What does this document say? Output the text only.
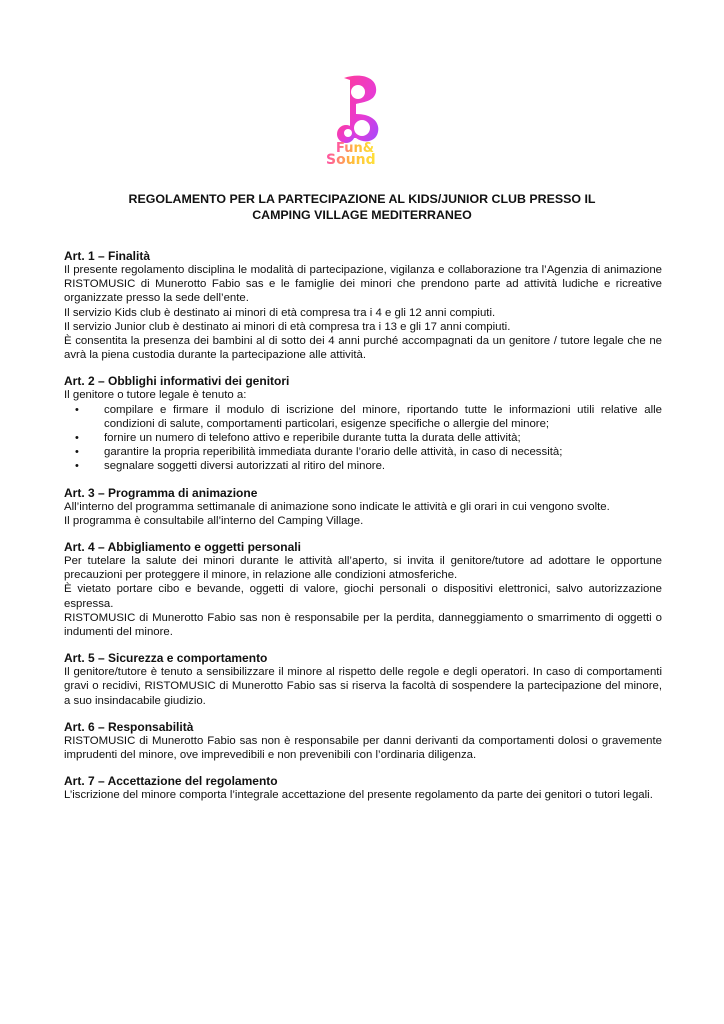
Fun&
Sound
REGOLAMENTO PER LA PARTECIPAZIONE AL KIDS/JUNIOR CLUB PRESSO IL
CAMPING VILLAGE MEDITERRANEO
Art. 1 – Finalità

Il presente regolamento disciplina le modalità di partecipazione, vigilanza e collaborazione tra l’Agenzia di animazione RISTOMUSIC di Munerotto Fabio sas e le famiglie dei minori che prendono parte ad attività ludiche e ricreative organizzate presso la sede dell’ente.

Il servizio Kids club è destinato ai minori di età compresa tra i 4 e gli 12 anni compiuti.

Il servizio Junior club è destinato ai minori di età compresa tra i 13 e gli 17 anni compiuti.

È consentita la presenza dei bambini al di sotto dei 4 anni purché accompagnati da un genitore / tutore legale che ne avrà la piena custodia durante la partecipazione alle attività.

Art. 2 – Obblighi informativi dei genitori

Il genitore o tutore legale è tenuto a:

• compilare e firmare il modulo di iscrizione del minore, riportando tutte le informazioni utili relative alle condizioni di salute, comportamenti particolari, esigenze specifiche o allergie del minore;
• fornire un numero di telefono attivo e reperibile durante tutta la durata delle attività;
• garantire la propria reperibilità immediata durante l’orario delle attività, in caso di necessità;
• segnalare soggetti diversi autorizzati al ritiro del minore.
Art. 3 – Programma di animazione

All’interno del programma settimanale di animazione sono indicate le attività e gli orari in cui vengono svolte.

Il programma è consultabile all’interno del Camping Village.

Art. 4 – Abbigliamento e oggetti personali

Per tutelare la salute dei minori durante le attività all’aperto, si invita il genitore/tutore ad adottare le opportune precauzioni per proteggere il minore, in relazione alle condizioni atmosferiche.

È vietato portare cibo e bevande, oggetti di valore, giochi personali o dispositivi elettronici, salvo autorizzazione espressa.

RISTOMUSIC di Munerotto Fabio sas non è responsabile per la perdita, danneggiamento o smarrimento di oggetti o indumenti del minore.

Art. 5 – Sicurezza e comportamento

Il genitore/tutore è tenuto a sensibilizzare il minore al rispetto delle regole e degli operatori. In caso di comportamenti gravi o recidivi, RISTOMUSIC di Munerotto Fabio sas si riserva la facoltà di sospendere la partecipazione del minore, a suo insindacabile giudizio.

Art. 6 – Responsabilità

RISTOMUSIC di Munerotto Fabio sas non è responsabile per danni derivanti da comportamenti dolosi o gravemente imprudenti del minore, ove imprevedibili e non prevenibili con l’ordinaria diligenza.

Art. 7 – Accettazione del regolamento

L’iscrizione del minore comporta l’integrale accettazione del presente regolamento da parte dei genitori o tutori legali.
